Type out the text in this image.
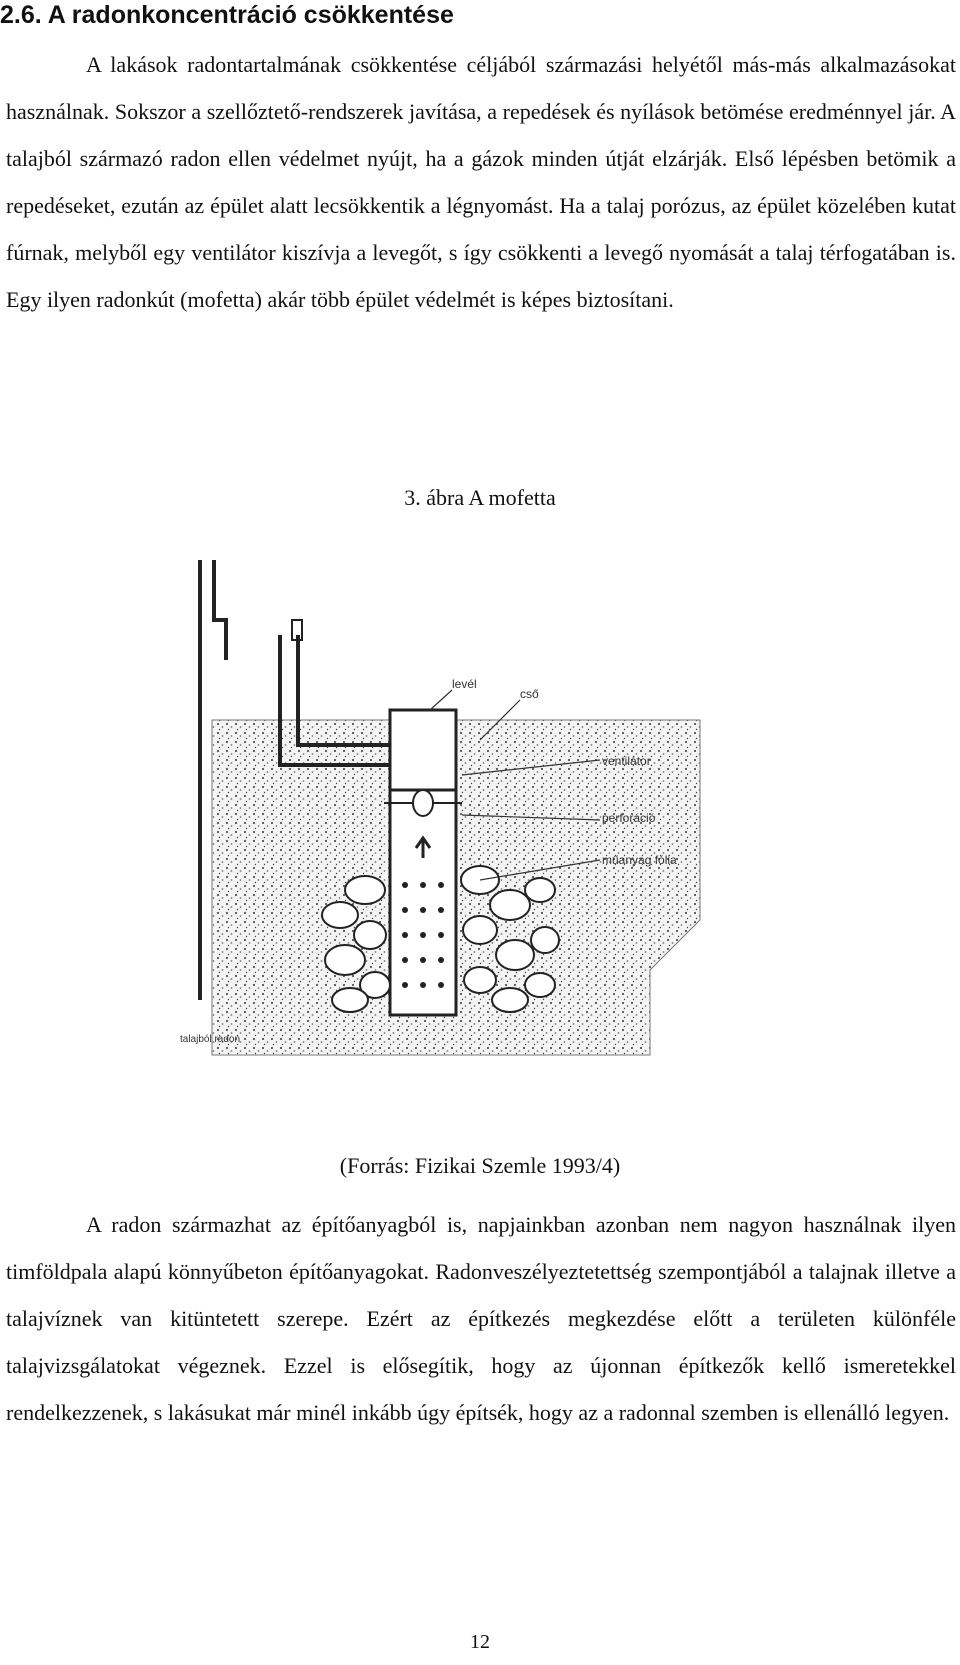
2.6. A radonkoncentráció csökkentése

A lakások radontartalmának csökkentése céljából származási helyétől más-más alkalmazásokat használnak. Sokszor a szellőztető-rendszerek javítása, a repedések és nyílások betömése eredménnyel jár. A talajból származó radon ellen védelmet nyújt, ha a gázok minden útját elzárják. Első lépésben betömik a repedéseket, ezután az épület alatt lecsökkentik a légnyomást. Ha a talaj porózus, az épület közelében kutat fúrnak, melyből egy ventilátor kiszívja a levegőt, s így csökkenti a levegő nyomását a talaj térfogatában is. Egy ilyen radonkút (mofetta) akár több épület védelmét is képes biztosítani.

3. ábra A mofetta

levél
cső
ventilátor
perforáció
műanyag fólia
talajból radon

(Forrás: Fizikai Szemle 1993/4)

A radon származhat az építőanyagból is, napjainkban azonban nem nagyon használnak ilyen timföldpala alapú könnyűbeton építőanyagokat. Radonveszélyeztetettség szempontjából a talajnak illetve a talajvíznek van kitüntetett szerepe. Ezért az építkezés megkezdése előtt a területen különféle talajvizsgálatokat végeznek. Ezzel is elősegítik, hogy az újonnan építkezők kellő ismeretekkel rendelkezzenek, s lakásukat már minél inkább úgy építsék, hogy az a radonnal szemben is ellenálló legyen.

12
